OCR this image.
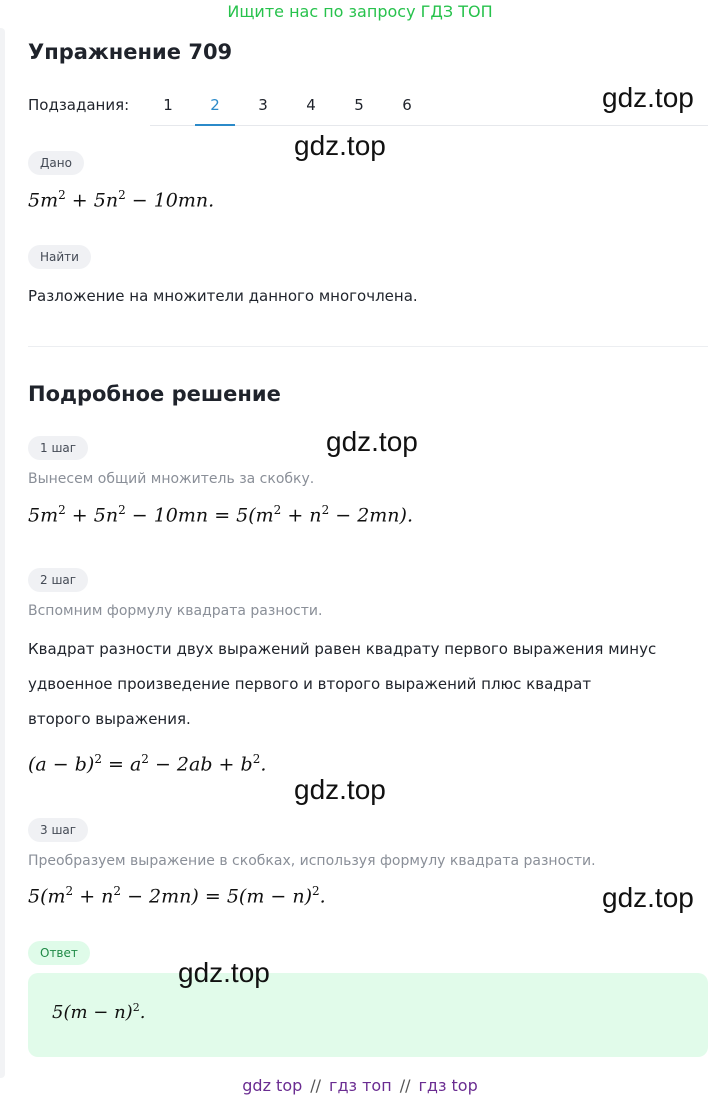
Ищите нас по запросу ГДЗ ТОП
Упражнение 709
Подзадания:	1	2	3	4	5	6
Дано
$5m^2 + 5n^2 - 10mn$.
Найти
Разложение на множители данного многочлена.
Подробное решение
1 шаг
Вынесем общий множитель за скобку.
$5m^2 + 5n^2 - 10mn = 5(m^2 + n^2 - 2mn)$.
2 шаг
Вспомним формулу квадрата разности.
Квадрат разности двух выражений равен квадрату первого выражения минус
удвоенное произведение первого и второго выражений плюс квадрат
второго выражения.
$(a - b)^2 = a^2 - 2ab + b^2$.
3 шаг
Преобразуем выражение в скобках, используя формулу квадрата разности.
$5(m^2 + n^2 - 2mn) = 5(m - n)^2$.
Ответ
$5(m - n)^2$.
gdz.top
gdz.top
gdz.top
gdz.top
gdz.top
gdz.top
gdz top // гдз топ // гдз top
